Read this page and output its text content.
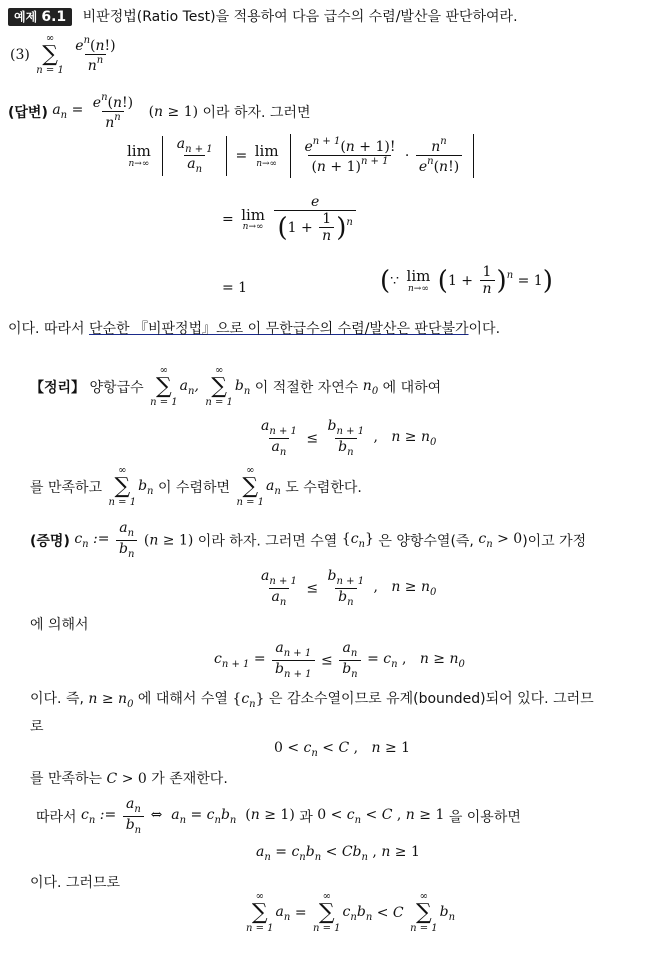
예제 6.1 비판정법(Ratio Test)을 적용하여 다음 급수의 수렴/발산을 판단하여라.
(3)
∞
∑
n = 1
$\frac{e^n(n!)}{n^n}$
(답변) $a_n = \frac{e^n(n!)}{n^n} (n \ge 1)$ 이라 하자. 그러면
lim
n→∞
$\frac{a_{n + 1}}{a_n} = \lim$
n→∞
$\frac{e^{n + 1}(n + 1)!}{(n + 1)^{n + 1}} \cdot \frac{n^n}{e^n(n!)}$

= lim
n→∞
$\frac{e}{(1 + \frac{1}{n} )^n}$
= 1	(∵ lim
n→∞ $(1 + \frac{1}{n} )^n = 1$)
이다. 따라서 단순한 『비판정법』으로 이 무한급수의 수렴/발산은 판단불가이다.
【정리】 양항급수
∞
∑
n = 1
$a_n$,
∞
∑
n = 1
$b_n$ 이 적절한 자연수 $n_0$ 에 대하여
$\frac{a_{n + 1}}{a_n} \le \frac{b_{n + 1}}{b_n}$ ,   $n \ge n_0$
를 만족하고
∞
∑
n = 1
$b_n$ 이 수렴하면
∞
∑
n = 1
$a_n$ 도 수렴한다.
(증명) $c_n$ := $\frac{a_n}{b_n} (n \ge 1)$ 이라 하자. 그러면 수열 $\{c_n\}$ 은 양항수열(즉, $c_n > 0$)이고 가정
$\frac{a_{n + 1}}{a_n} \le \frac{b_{n + 1}}{b_n}$ ,   $n \ge n_0$
에 의해서
$c_{n + 1} = \frac{a_{n + 1}}{b_{n + 1}} \le \frac{a_n}{b_n} = c_n$ ,   $n \ge n_0$
이다. 즉, $n \ge n_0$ 에 대해서 수열 $\{c_n\}$ 은 감소수열이므로 유계(bounded)되어 있다. 그러므
로
$0 < c_n < C$ ,   n ≥ 1
를 만족하는 C > 0 가 존재한다.
따라서 $c_n$ := $\frac{a_n}{b_n}$ ⇔  $a_n = c_nb_n$  (n ≥ 1) 과 $0 < c_n < C$ , n ≥ 1 을 이용하면
$a_n = c_nb_n < Cb_n$ , n ≥ 1
이다. 그러므로
∞
∑
n = 1
$a_n$ =
∞
∑
n = 1
$c_nb_n < C$
∞
∑
n = 1
$b_n$
